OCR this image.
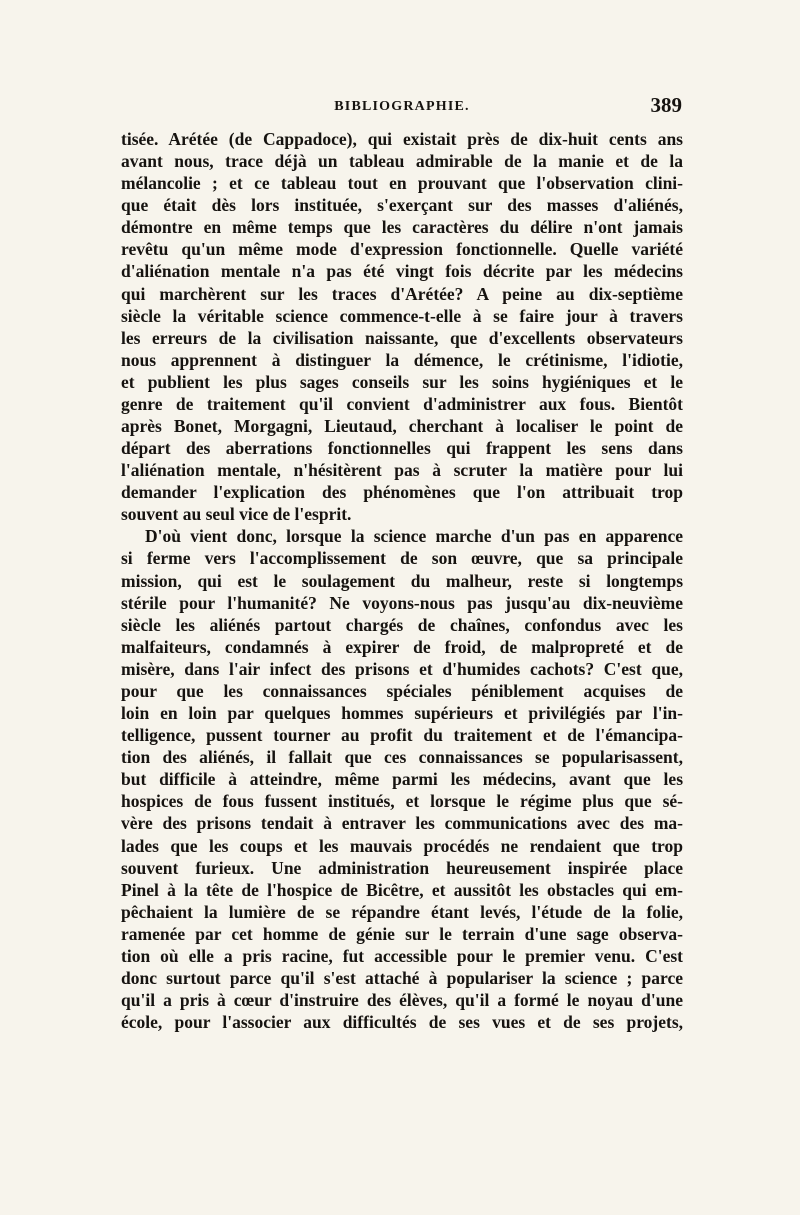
BIBLIOGRAPHIE.	389
tisée. Arétée (de Cappadoce), qui existait près de dix-huit cents ans
avant nous, trace déjà un tableau admirable de la manie et de la
mélancolie ; et ce tableau tout en prouvant que l'observation clini-
que était dès lors instituée, s'exerçant sur des masses d'aliénés,
démontre en même temps que les caractères du délire n'ont jamais
revêtu qu'un même mode d'expression fonctionnelle. Quelle variété
d'aliénation mentale n'a pas été vingt fois décrite par les médecins
qui marchèrent sur les traces d'Arétée? A peine au dix-septième
siècle la véritable science commence-t-elle à se faire jour à travers
les erreurs de la civilisation naissante, que d'excellents observateurs
nous apprennent à distinguer la démence, le crétinisme, l'idiotie,
et publient les plus sages conseils sur les soins hygiéniques et le
genre de traitement qu'il convient d'administrer aux fous. Bientôt
après Bonet, Morgagni, Lieutaud, cherchant à localiser le point de
départ des aberrations fonctionnelles qui frappent les sens dans
l'aliénation mentale, n'hésitèrent pas à scruter la matière pour lui
demander l'explication des phénomènes que l'on attribuait trop
souvent au seul vice de l'esprit.
D'où vient donc, lorsque la science marche d'un pas en apparence
si ferme vers l'accomplissement de son œuvre, que sa principale
mission, qui est le soulagement du malheur, reste si longtemps
stérile pour l'humanité? Ne voyons-nous pas jusqu'au dix-neuvième
siècle les aliénés partout chargés de chaînes, confondus avec les
malfaiteurs, condamnés à expirer de froid, de malpropreté et de
misère, dans l'air infect des prisons et d'humides cachots? C'est que,
pour que les connaissances spéciales péniblement acquises de
loin en loin par quelques hommes supérieurs et privilégiés par l'in-
telligence, pussent tourner au profit du traitement et de l'émancipa-
tion des aliénés, il fallait que ces connaissances se popularisassent,
but difficile à atteindre, même parmi les médecins, avant que les
hospices de fous fussent institués, et lorsque le régime plus que sé-
vère des prisons tendait à entraver les communications avec des ma-
lades que les coups et les mauvais procédés ne rendaient que trop
souvent furieux. Une administration heureusement inspirée place
Pinel à la tête de l'hospice de Bicêtre, et aussitôt les obstacles qui em-
pêchaient la lumière de se répandre étant levés, l'étude de la folie,
ramenée par cet homme de génie sur le terrain d'une sage observa-
tion où elle a pris racine, fut accessible pour le premier venu. C'est
donc surtout parce qu'il s'est attaché à populariser la science ; parce
qu'il a pris à cœur d'instruire des élèves, qu'il a formé le noyau d'une
école, pour l'associer aux difficultés de ses vues et de ses projets,
